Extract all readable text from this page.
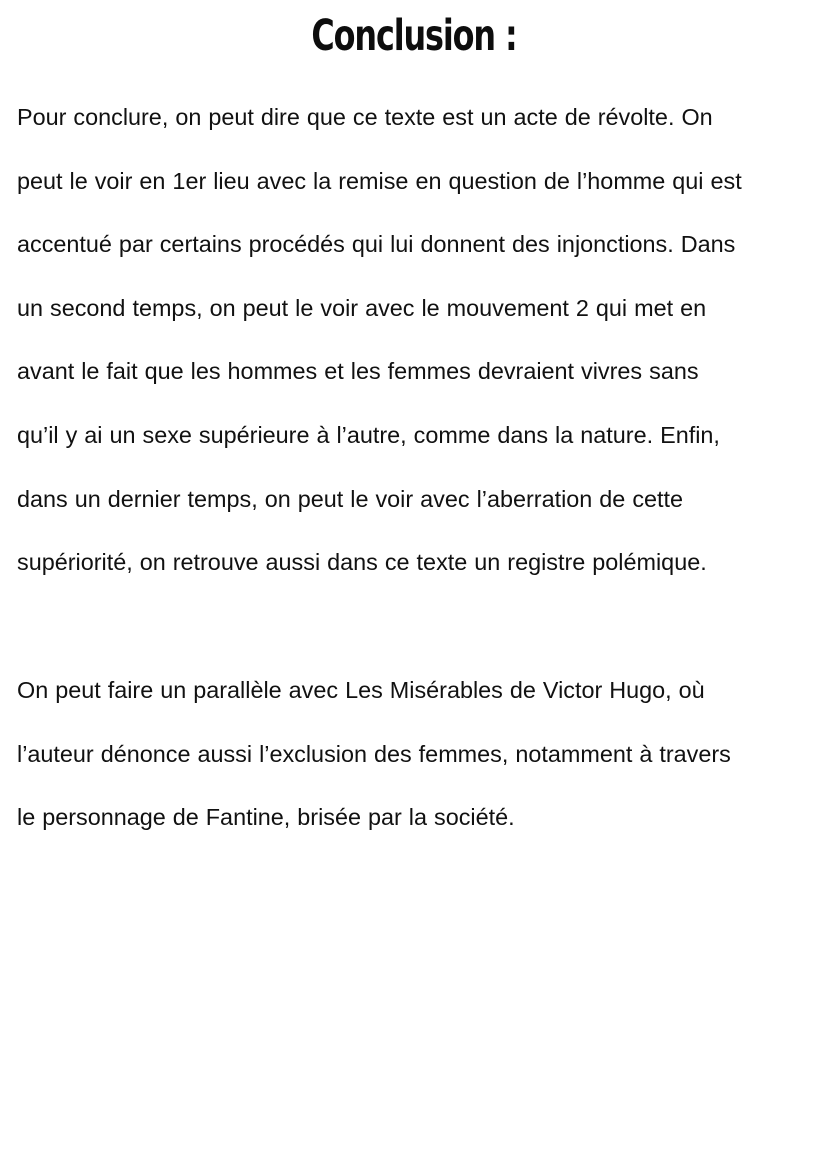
Conclusion :

Pour conclure, on peut dire que ce texte est un acte de révolte. On
peut le voir en 1er lieu avec la remise en question de l’homme qui est
accentué par certains procédés qui lui donnent des injonctions. Dans
un second temps, on peut le voir avec le mouvement 2 qui met en
avant le fait que les hommes et les femmes devraient vivres sans
qu’il y ai un sexe supérieure à l’autre, comme dans la nature. Enfin,
dans un dernier temps, on peut le voir avec l’aberration de cette
supériorité, on retrouve aussi dans ce texte un registre polémique.

On peut faire un parallèle avec Les Misérables de Victor Hugo, où
l’auteur dénonce aussi l’exclusion des femmes, notamment à travers
le personnage de Fantine, brisée par la société.
